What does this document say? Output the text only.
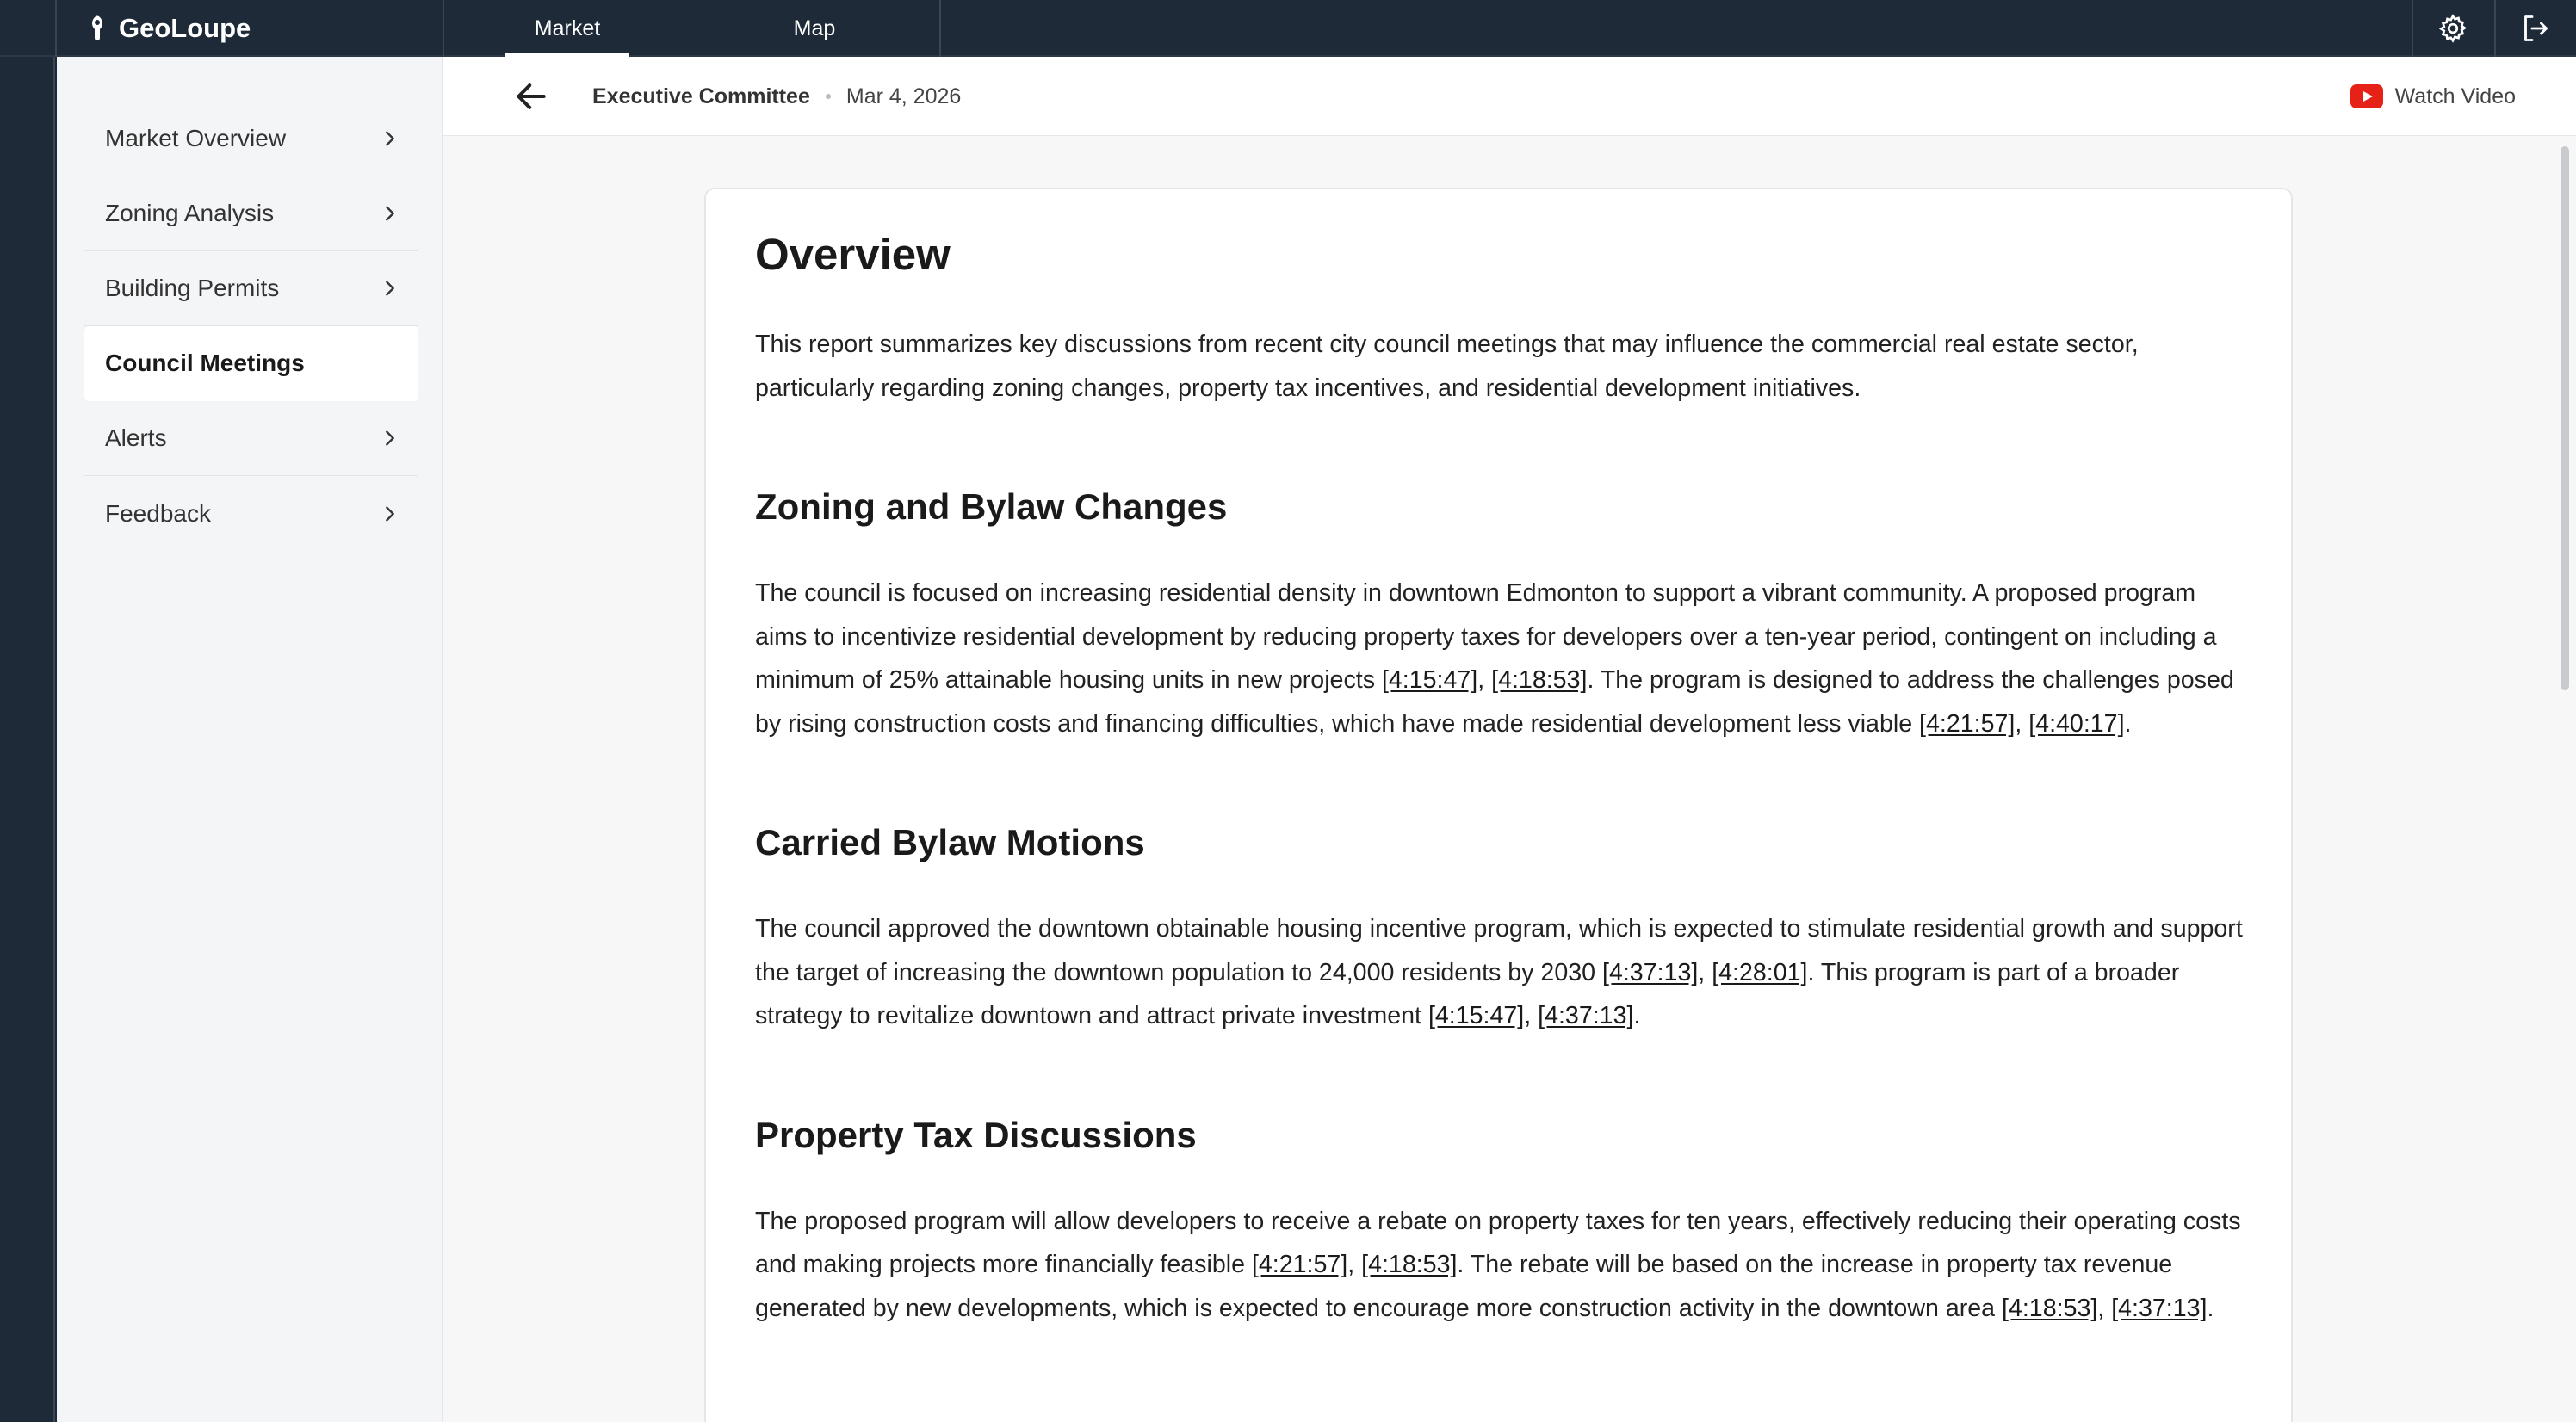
GeoLoupe	Market	Map
Market Overview
Zoning Analysis
Building Permits
Council Meetings
Alerts
Feedback
Executive Committee Mar 4, 2026	Watch Video
Overview

This report summarizes key discussions from recent city council meetings that may influence the commercial real estate sector, particularly regarding zoning changes, property tax incentives, and residential development initiatives.

Zoning and Bylaw Changes

The council is focused on increasing residential density in downtown Edmonton to support a vibrant community. A proposed program aims to incentivize residential development by reducing property taxes for developers over a ten-year period, contingent on including a minimum of 25% attainable housing units in new projects [4:15:47], [4:18:53]. The program is designed to address the challenges posed by rising construction costs and financing difficulties, which have made residential development less viable [4:21:57], [4:40:17].

Carried Bylaw Motions

The council approved the downtown obtainable housing incentive program, which is expected to stimulate residential growth and support the target of increasing the downtown population to 24,000 residents by 2030 [4:37:13], [4:28:01]. This program is part of a broader strategy to revitalize downtown and attract private investment [4:15:47], [4:37:13].

Property Tax Discussions

The proposed program will allow developers to receive a rebate on property taxes for ten years, effectively reducing their operating costs and making projects more financially feasible [4:21:57], [4:18:53]. The rebate will be based on the increase in property tax revenue generated by new developments, which is expected to encourage more construction activity in the downtown area [4:18:53], [4:37:13].
